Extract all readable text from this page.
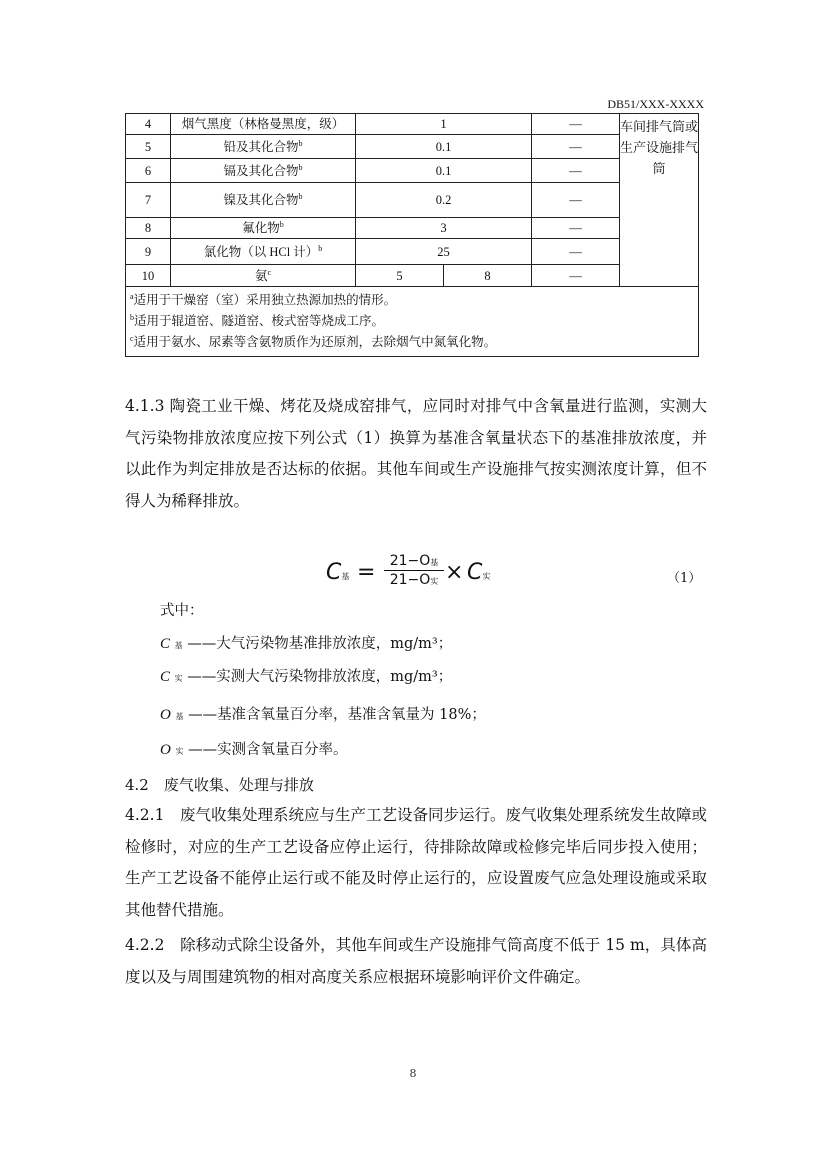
DB51/XXX-XXXX
4	烟气黑度（林格曼黑度，级）	1		—	车间排气筒或生产设施排气筒
5	铅及其化合物$^b$	0.1		—	
6	镉及其化合物$^b$	0.1		—	
7	镍及其化合物$^b$	0.2		—	
8	氟化物$^b$	3		—	
9	氯化物（以 HCl 计）$^b$	25		—	
10	氨$^c$	5	8	—	

$^a$适用于干燥窑（室）采用独立热源加热的情形。
$^b$适用于辊道窑、隧道窑、梭式窑等烧成工序。
$^c$适用于氨水、尿素等含氨物质作为还原剂，去除烟气中氮氧化物。					
4.1.3 陶瓷工业干燥、烤花及烧成窑排气，应同时对排气中含氧量进行监测，实测大气污染物排放浓度应按下列公式（1）换算为基准含氧量状态下的基准排放浓度，并以此作为判定排放是否达标的依据。其他车间或生产设施排气按实测浓度计算，但不得人为稀释排放。
C基 =	21−O基
21−O实 × C实	（1）
式中：
C 基 ——大气污染物基准排放浓度，mg/m³；
C 实 ——实测大气污染物排放浓度，mg/m³；
O 基 ——基准含氧量百分率，基准含氧量为 18%；
O 实 ——实测含氧量百分率。
4.2　废气收集、处理与排放
4.2.1　废气收集处理系统应与生产工艺设备同步运行。废气收集处理系统发生故障或检修时，对应的生产工艺设备应停止运行，待排除故障或检修完毕后同步投入使用；生产工艺设备不能停止运行或不能及时停止运行的，应设置废气应急处理设施或采取其他替代措施。
4.2.2　除移动式除尘设备外，其他车间或生产设施排气筒高度不低于 15 m，具体高度以及与周围建筑物的相对高度关系应根据环境影响评价文件确定。
8
